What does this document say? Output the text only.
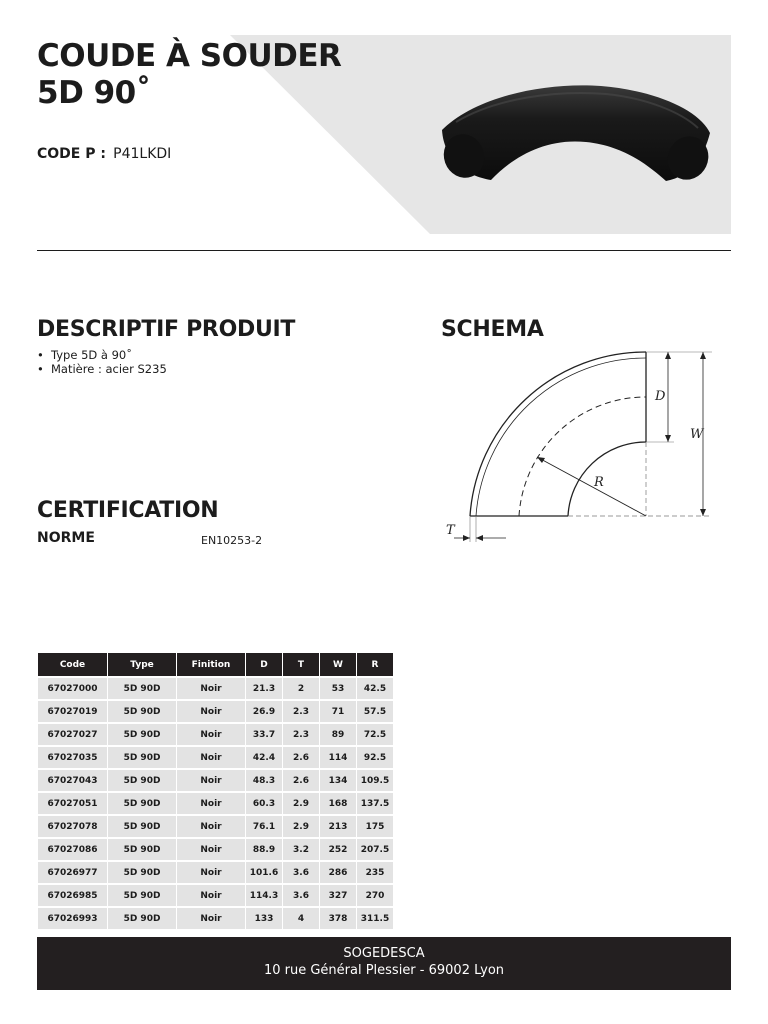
COUDE À SOUDER
5D 90˚
CODE P : P41LKDI
DESCRIPTIF PRODUIT
• Type 5D à 90˚
• Matière : acier S235
SCHEMA
D
W
R
T
CERTIFICATION
NORME	EN10253-2
Code	Type	Finition	D	T	W	R
67027000	5D 90D	Noir	21.3	2	53	42.5
67027019	5D 90D	Noir	26.9	2.3	71	57.5
67027027	5D 90D	Noir	33.7	2.3	89	72.5
67027035	5D 90D	Noir	42.4	2.6	114	92.5
67027043	5D 90D	Noir	48.3	2.6	134	109.5
67027051	5D 90D	Noir	60.3	2.9	168	137.5
67027078	5D 90D	Noir	76.1	2.9	213	175
67027086	5D 90D	Noir	88.9	3.2	252	207.5
67026977	5D 90D	Noir	101.6	3.6	286	235
67026985	5D 90D	Noir	114.3	3.6	327	270
67026993	5D 90D	Noir	133	4	378	311.5
SOGEDESCA
10 rue Général Plessier - 69002 Lyon
